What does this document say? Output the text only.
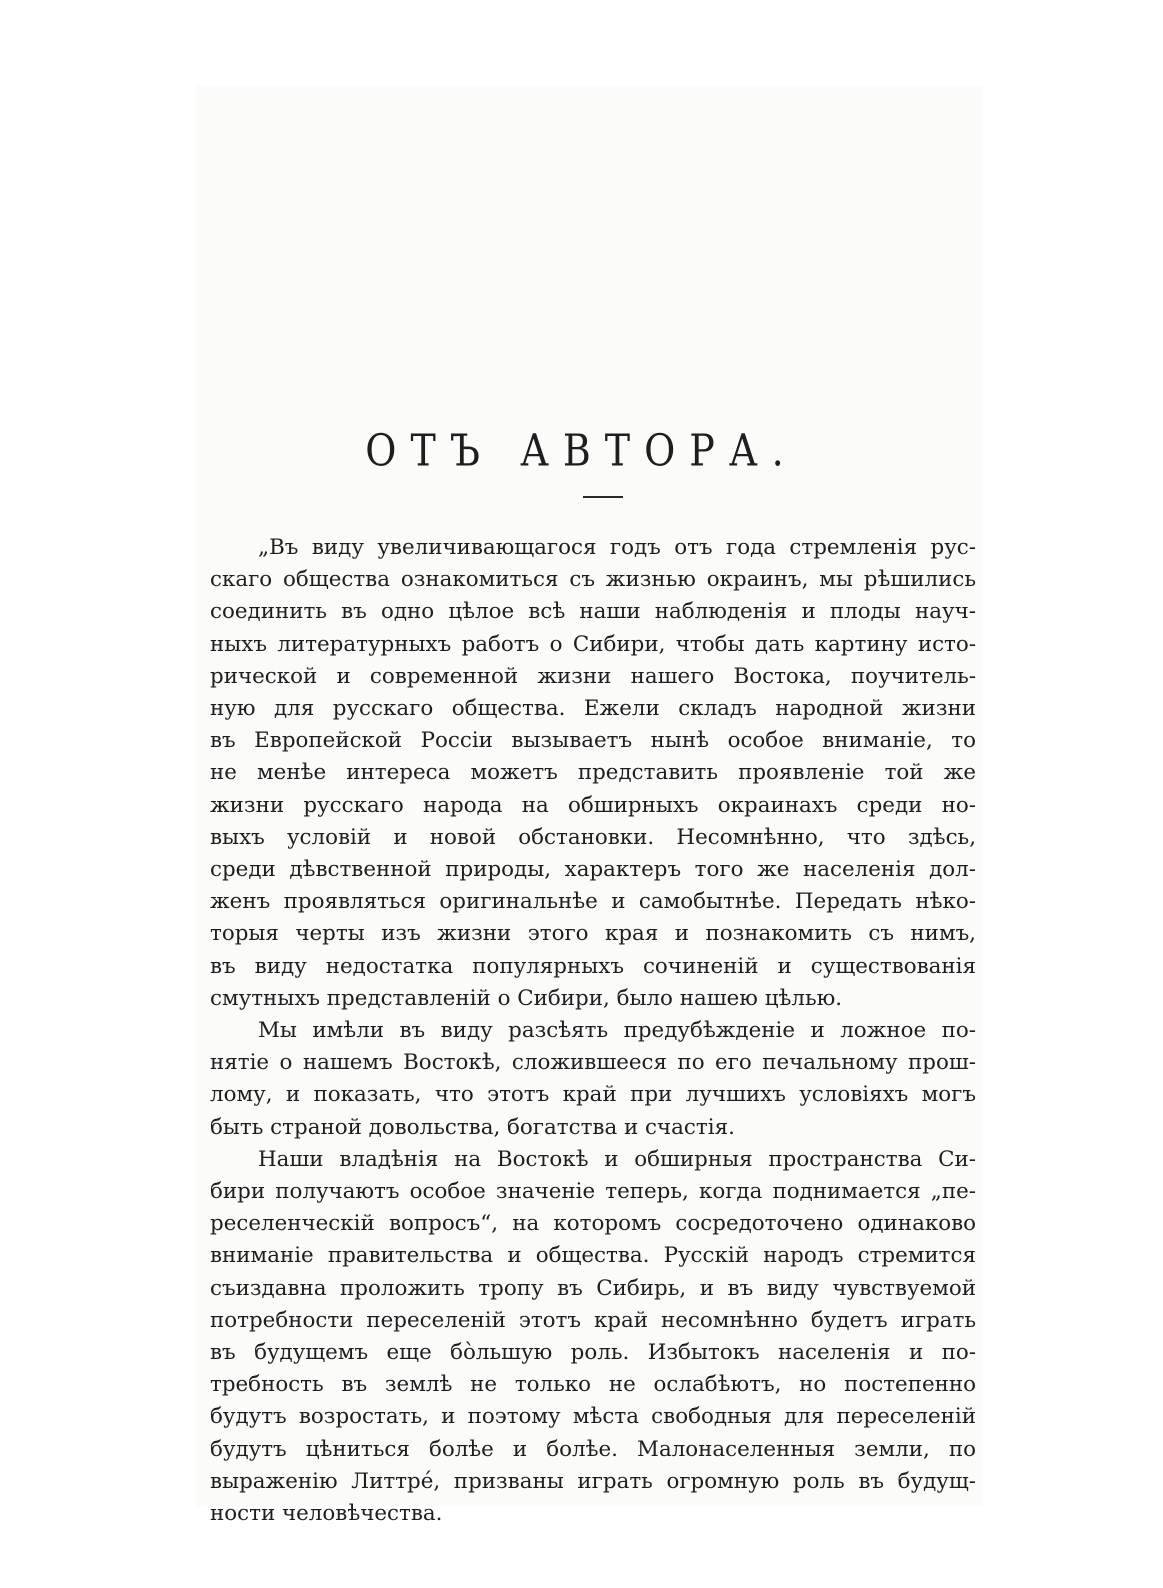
ОТЪ АВТОРА.
„Въ виду увеличивающагося годъ отъ года стремленія рус-
скаго общества ознакомиться съ жизнью окраинъ, мы рѣшились
соединить въ одно цѣлое всѣ наши наблюденія и плоды науч-
ныхъ литературныхъ работъ о Сибири, чтобы дать картину исто-
рической и современной жизни нашего Востока, поучитель-
ную для русскаго общества. Ежели складъ народной жизни
въ Европейской Россіи вызываетъ нынѣ особое вниманіе, то
не менѣе интереса можетъ представить проявленіе той же
жизни русскаго народа на обширныхъ окраинахъ среди но-
выхъ условій и новой обстановки. Несомнѣнно, что здѣсь,
среди дѣвственной природы, характеръ того же населенія дол-
женъ проявляться оригинальнѣе и самобытнѣе. Передать нѣко-
торыя черты изъ жизни этого края и познакомить съ нимъ,
въ виду недостатка популярныхъ сочиненій и существованія
смутныхъ представленій о Сибири, было нашею цѣлью.
Мы имѣли въ виду разсѣять предубѣжденіе и ложное по-
нятіе о нашемъ Востокѣ, сложившееся по его печальному прош-
лому, и показать, что этотъ край при лучшихъ условіяхъ могъ
быть страной довольства, богатства и счастія.
Наши владѣнія на Востокѣ и обширныя пространства Си-
бири получаютъ особое значеніе теперь, когда поднимается „пе-
реселенческій вопросъ“, на которомъ сосредоточено одинаково
вниманіе правительства и общества. Русскій народъ стремится
съиздавна проложить тропу въ Сибирь, и въ виду чувствуемой
потребности переселеній этотъ край несомнѣнно будетъ играть
въ будущемъ еще бо̀льшую роль. Избытокъ населенія и по-
требность въ землѣ не только не ослабѣютъ, но постепенно
будутъ возростать, и поэтому мѣста свободныя для переселеній
будутъ цѣниться болѣе и болѣе. Малонаселенныя земли, по
выраженію Литтре́, призваны играть огромную роль въ будущ-
ности человѣчества.
